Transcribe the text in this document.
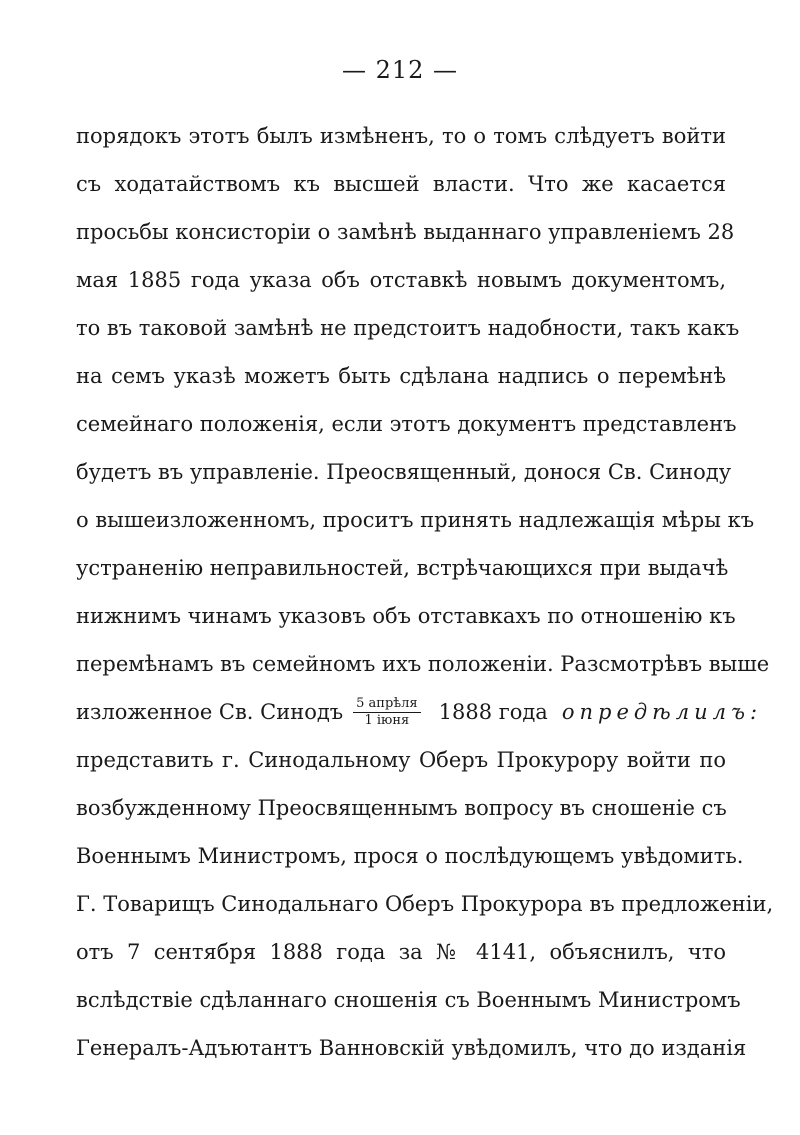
— 212 —
порядокъ этотъ былъ измѣненъ, то о томъ слѣдуетъ войти
съ ходатайствомъ къ высшей власти. Что же касается
просьбы консисторіи о замѣнѣ выданнаго управленіемъ 28
мая 1885 года указа объ отставкѣ новымъ документомъ,
то въ таковой замѣнѣ не предстоитъ надобности, такъ какъ
на семъ указѣ можетъ быть сдѣлана надпись о перемѣнѣ
семейнаго положенія, если этотъ документъ представленъ
будетъ въ управленіе. Преосвященный, донося Св. Синоду
о вышеизложенномъ, проситъ принять надлежащія мѣры къ
устраненію неправильностей, встрѣчающихся при выдачѣ
нижнимъ чинамъ указовъ объ отставкахъ по отношенію къ
перемѣнамъ въ семейномъ ихъ положеніи. Разсмотрѣвъ выше
изложенное Св. Синодъ $\frac{\text{5 апрѣля}}{\text{1 іюня}} 1888$ года опредѣлилъ:
представить г. Синодальному Оберъ Прокурору войти по
возбужденному Преосвященнымъ вопросу въ сношеніе съ
Военнымъ Министромъ, прося о послѣдующемъ увѣдомить.
Г. Товарищъ Синодальнаго Оберъ Прокурора въ предложеніи,
отъ 7 сентября 1888 года за № 4141, объяснилъ, что
вслѣдствіе сдѣланнаго сношенія съ Военнымъ Министромъ
Генералъ-Адъютантъ Ванновскій увѣдомилъ, что до изданія
